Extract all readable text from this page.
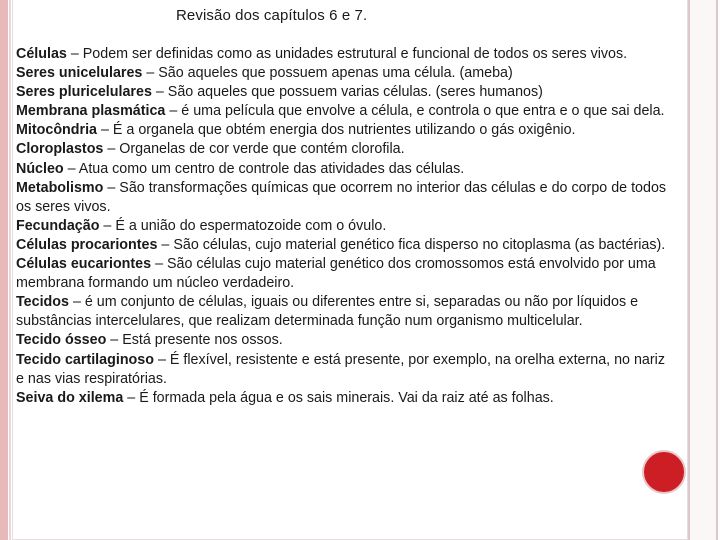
Revisão dos capítulos 6 e 7.

Células – Podem ser definidas como as unidades estrutural e funcional de todos os seres vivos.

Seres unicelulares – São aqueles que possuem apenas uma célula. (ameba)

Seres pluricelulares – São aqueles que possuem varias células. (seres humanos)

Membrana plasmática – é uma película que envolve a célula, e controla o que entra e o que sai dela.

Mitocôndria – É a organela que obtém energia dos nutrientes utilizando o gás oxigênio.

Cloroplastos – Organelas de cor verde que contém clorofila.

Núcleo – Atua como um centro de controle das atividades das células.

Metabolismo – São transformações químicas que ocorrem no interior das células e do corpo de todos os seres vivos.

Fecundação – É a união do espermatozoide com o óvulo.

Células procariontes – São células, cujo material genético fica disperso no citoplasma (as bactérias).

Células eucariontes – São células cujo material genético dos cromossomos está envolvido por uma membrana formando um núcleo verdadeiro.

Tecidos – é um conjunto de células, iguais ou diferentes entre si, separadas ou não por líquidos e substâncias intercelulares, que realizam determinada função num organismo multicelular.

Tecido ósseo – Está presente nos ossos.

Tecido cartilaginoso – É flexível, resistente e está presente, por exemplo, na orelha externa, no nariz e nas vias respiratórias.

Seiva do xilema – É formada pela água e os sais minerais. Vai da raiz até as folhas.
